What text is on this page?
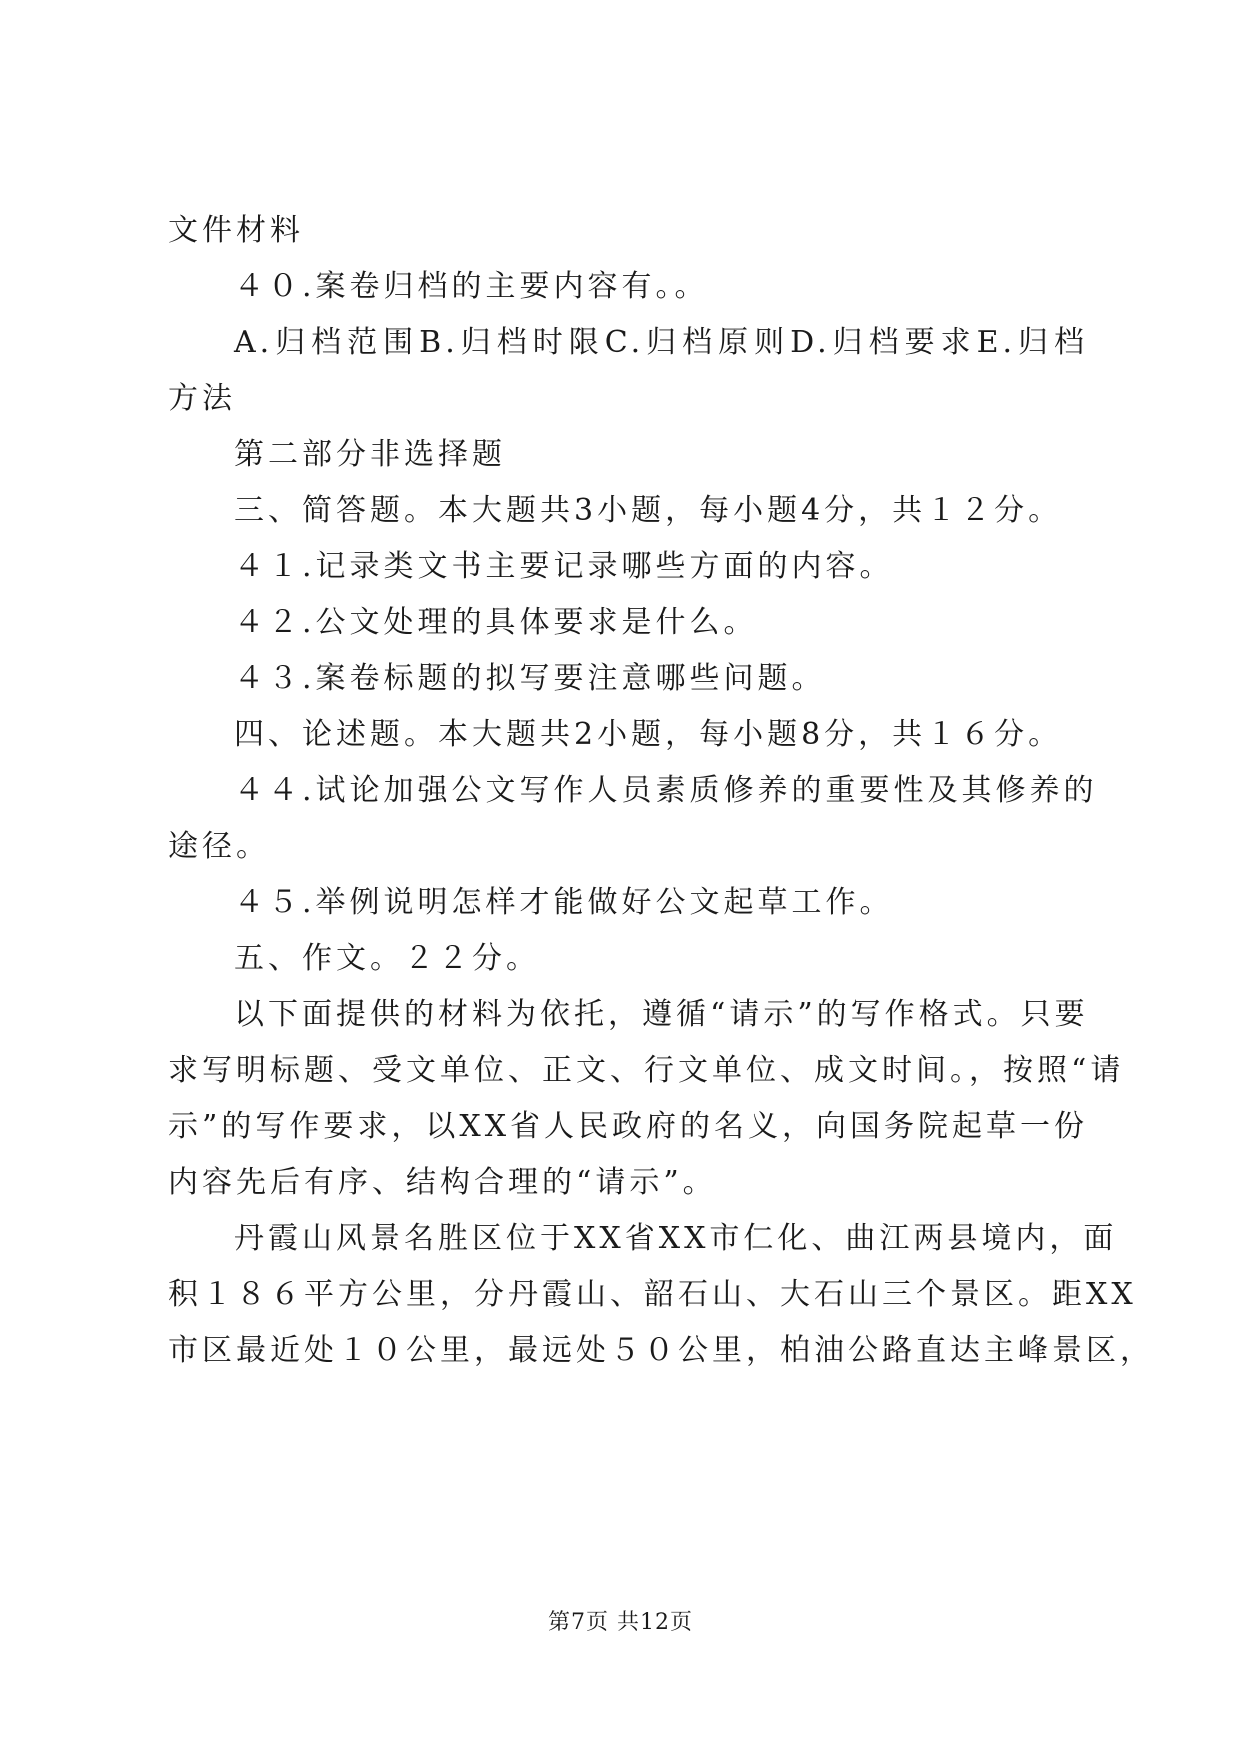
文件材料
４０.案卷归档的主要内容有。。
A.归档范围B.归档时限C.归档原则D.归档要求E.归档
方法
第二部分非选择题
三、简答题。本大题共3小题，每小题4分，共１２分。
４１.记录类文书主要记录哪些方面的内容。
４２.公文处理的具体要求是什么。
４３.案卷标题的拟写要注意哪些问题。
四、论述题。本大题共2小题，每小题8分，共１６分。
４４.试论加强公文写作人员素质修养的重要性及其修养的
途径。
４５.举例说明怎样才能做好公文起草工作。
五、作文。２２分。
以下面提供的材料为依托，遵循“请示”的写作格式。只要
求写明标题、受文单位、正文、行文单位、成文时间。，按照“请
示”的写作要求，以XX省人民政府的名义，向国务院起草一份
内容先后有序、结构合理的“请示”。
丹霞山风景名胜区位于XX省XX市仁化、曲江两县境内，面
积１８６平方公里，分丹霞山、韶石山、大石山三个景区。距XX
市区最近处１０公里，最远处５０公里，柏油公路直达主峰景区，
第7页 共12页
